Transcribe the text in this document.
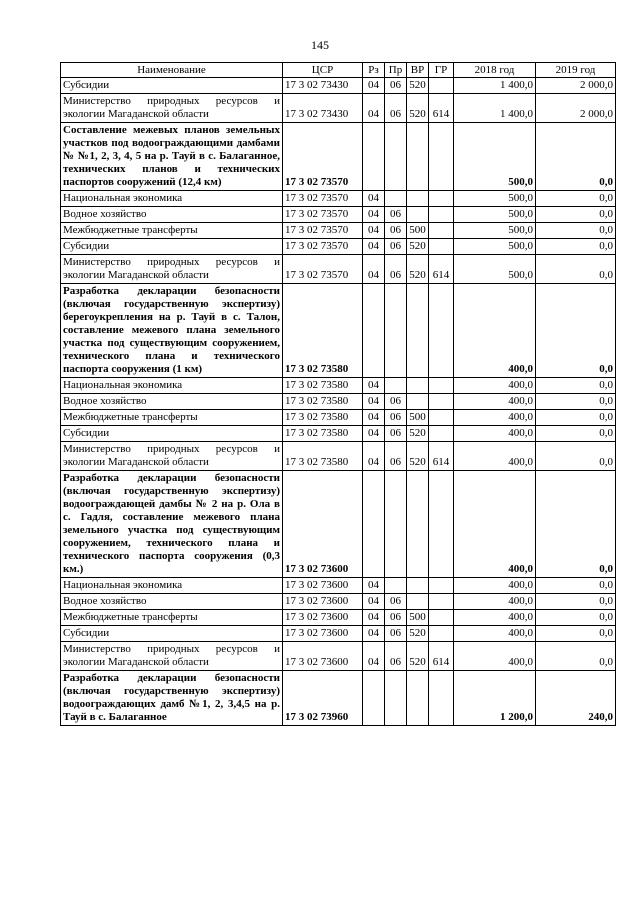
145
Наименование	ЦСР	Рз	Пр	ВР	ГР	2018 год	2019 год
Субсидии	17 3 02 73430	04	06	520		1 400,0	2 000,0
Министерство природных ресурсов и экологии Магаданской области	17 3 02 73430	04	06	520	614	1 400,0	2 000,0
Составление межевых планов земельных участков под водоограждающими дамбами № №1, 2, 3, 4, 5 на р. Тауй в с. Балаганное, технических планов и технических паспортов сооружений (12,4 км)	17 3 02 73570					500,0	0,0
Национальная экономика	17 3 02 73570	04				500,0	0,0
Водное хозяйство	17 3 02 73570	04	06			500,0	0,0
Межбюджетные трансферты	17 3 02 73570	04	06	500		500,0	0,0
Субсидии	17 3 02 73570	04	06	520		500,0	0,0
Министерство природных ресурсов и экологии Магаданской области	17 3 02 73570	04	06	520	614	500,0	0,0
Разработка декларации безопасности (включая государственную экспертизу) берегоукрепления на р. Тауй в с. Талон, составление межевого плана земельного участка под существующим сооружением, технического плана и технического паспорта сооружения (1 км)	17 3 02 73580					400,0	0,0
Национальная экономика	17 3 02 73580	04				400,0	0,0
Водное хозяйство	17 3 02 73580	04	06			400,0	0,0
Межбюджетные трансферты	17 3 02 73580	04	06	500		400,0	0,0
Субсидии	17 3 02 73580	04	06	520		400,0	0,0
Министерство природных ресурсов и экологии Магаданской области	17 3 02 73580	04	06	520	614	400,0	0,0
Разработка декларации безопасности (включая государственную экспертизу) водоограждающей дамбы № 2 на р. Ола в с. Гадля, составление межевого плана земельного участка под существующим сооружением, технического плана и технического паспорта сооружения (0,3 км.)	17 3 02 73600					400,0	0,0
Национальная экономика	17 3 02 73600	04				400,0	0,0
Водное хозяйство	17 3 02 73600	04	06			400,0	0,0
Межбюджетные трансферты	17 3 02 73600	04	06	500		400,0	0,0
Субсидии	17 3 02 73600	04	06	520		400,0	0,0
Министерство природных ресурсов и экологии Магаданской области	17 3 02 73600	04	06	520	614	400,0	0,0
Разработка декларации безопасности (включая государственную экспертизу) водоограждающих дамб №1, 2, 3,4,5 на р. Тауй в с. Балаганное	17 3 02 73960					1 200,0	240,0
